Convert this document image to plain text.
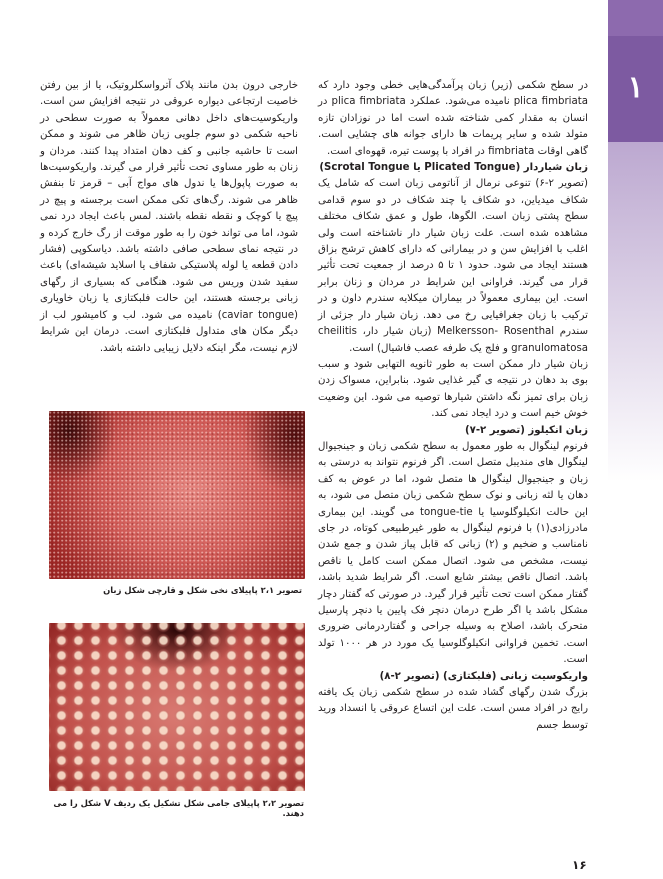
۱

در سطح شکمی (زیر) زبان پرآمدگی‌هایی خطی وجود دارد که plica fimbriata نامیده می‌شود. عملکرد plica fimbriata در انسان به مقدار کمی شناخته شده است اما در نوزادان تازه متولد شده و سایر پریمات ها دارای جوانه های چشایی است. گاهی اوقات fimbriata در افراد با پوست تیره، قهوه‌ای است.

زبان شیاردار (Plicated Tongue یا Scrotal Tongue)

(تصویر ۲-۶) تنوعی نرمال از آناتومی زبان است که شامل یک شکاف میدیاین، دو شکاف یا چند شکاف در دو سوم قدامی سطح پشتی زبان است. الگوها، طول و عمق شکاف مختلف مشاهده شده است. علت زبان شیار دار ناشناخته است ولی اغلب با افزایش سن و در بیمارانی که دارای کاهش ترشح بزاق هستند ایجاد می شود. حدود ۱ تا ۵ درصد از جمعیت تحت تأثیر قرار می گیرند. فراوانی این شرایط در مردان و زنان برابر است. این بیماری معمولاً در بیماران میکلایه سندرم داون و در ترکیب با زبان جغرافیایی رخ می دهد. زبان شیار دار جزئی از سندرم Melkersson- Rosenthal (زبان شیار دار، cheilitis granulomatosa و فلج یک طرفه عصب فاشیال) است.

زبان شیار دار ممکن است به طور ثانویه التهابی شود و سبب بوی بد دهان در نتیجه ی گیر غذایی شود. بنابراین، مسواک زدن زبان برای تمیز نگه داشتن شیارها توصیه می شود. این وضعیت خوش خیم است و درد ایجاد نمی کند.

زبان انکیلوز (تصویر ۲-۷)

فرنوم لینگوال به طور معمول به سطح شکمی زبان و جینجیوال لینگوال های مندیبل متصل است. اگر فرنوم نتواند به درستی به زبان و جینجیوال لینگوال ها متصل شود، اما در عوض به کف دهان یا لثه زبانی و نوک سطح شکمی زبان متصل می شود، به این حالت انکیلوگلوسیا یا tongue-tie می گویند. این بیماری مادرزادی(۱) با فرنوم لینگوال به طور غیرطبیعی کوتاه، در جای نامناسب و ضخیم و (۲) زبانی که قابل پیاز شدن و جمع شدن نیست، مشخص می شود. اتصال ممکن است کامل یا ناقص باشد. اتصال ناقص بیشتر شایع است. اگر شرایط شدید باشد، گفتار ممکن است تحت تأثیر قرار گیرد. در صورتی که گفتار دچار مشکل باشد یا اگر طرح درمان دنچر فک پایین یا دنچر پارسیل متحرک باشد، اصلاح به وسیله جراحی و گفتاردرمانی ضروری است. تخمین فراوانی انکیلوگلوسیا یک مورد در هر ۱۰۰۰ تولد است.

واریکوسیت زبانی (فلبکتازی) (تصویر ۲-۸)

بزرگ شدن رگهای گشاد شده در سطح شکمی زبان یک یافته رایج در افراد مسن است. علت این اتساع عروقی یا انسداد ورید توسط جسم

خارجی درون بدن مانند پلاک آترواسکلروتیک، یا از بین رفتن خاصیت ارتجاعی دیواره عروقی در نتیجه افزایش سن است. واریکوسیت‌های داخل دهانی معمولاً به صورت سطحی در ناحیه شکمی دو سوم جلویی زبان ظاهر می شوند و ممکن است تا حاشیه جانبی و کف دهان امتداد پیدا کنند. مردان و زنان به طور مساوی تحت تأثیر قرار می گیرند. واریکوسیت‌ها به صورت پاپول‌ها یا ندول های مواج آبی – قرمز تا بنفش ظاهر می شوند. رگ‌های تکی ممکن است برجسته و پیچ در پیچ یا کوچک و نقطه نقطه باشند. لمس باعث ایجاد درد نمی شود، اما می تواند خون را به طور موقت از رگ خارج کرده و در نتیجه نمای سطحی صافی داشته باشد. دیاسکوپی (فشار دادن قطعه یا لوله پلاستیکی شفاف یا اسلاید شیشه‌ای) باعث سفید شدن وریس می شود. هنگامی که بسیاری از رگهای زبانی برجسته هستند، این حالت فلبکتازی یا زبان خاویاری (caviar tongue) نامیده می شود. لب و کامیشور لب از دیگر مکان های متداول فلبکتازی است. درمان این شرایط لازم نیست، مگر اینکه دلایل زیبایی داشته باشد.

تصویر ۲،۱ پاپیلای نخی شکل و قارچی شکل زبان
تصویر ۲،۲ پاپیلای جامی شکل تشکیل یک ردیف V شکل را می دهند.
۱۶
